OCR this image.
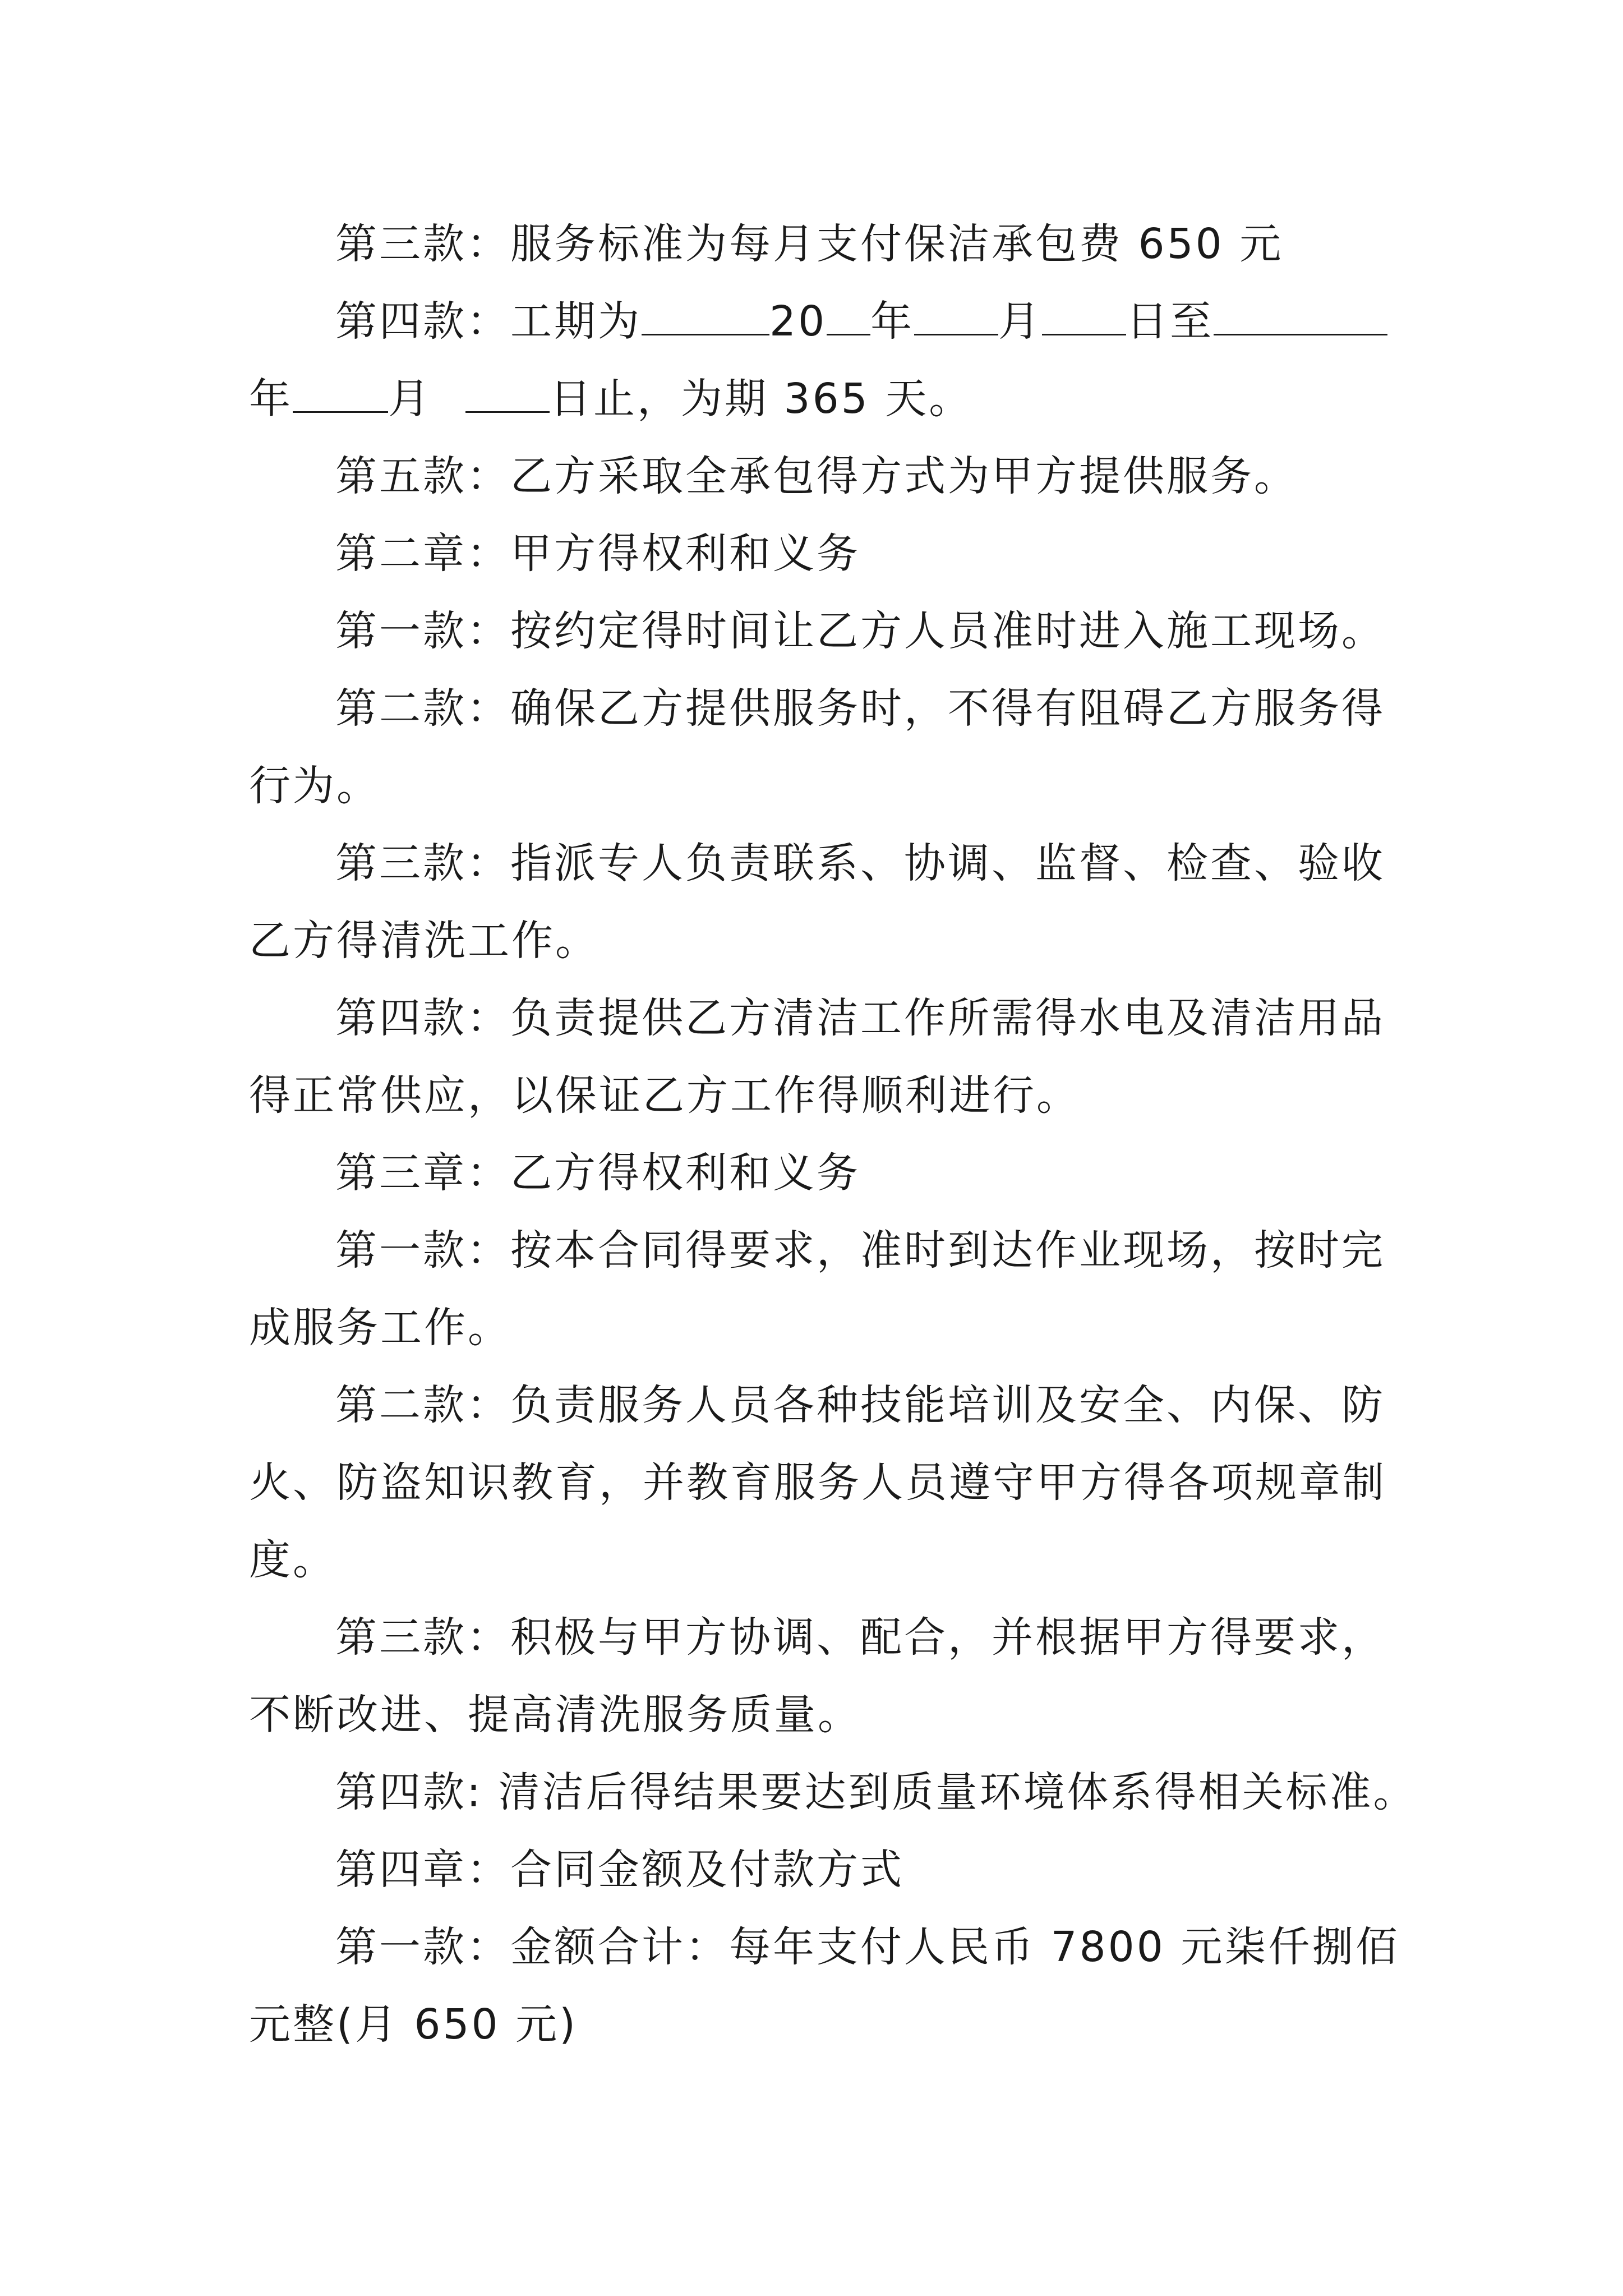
第三款：服务标准为每月支付保洁承包费 650 元
第四款：工期为	20 年 月 日至
年 月	日止，为期 365 天。
第五款：乙方采取全承包得方式为甲方提供服务。
第二章：甲方得权利和义务
第一款：按约定得时间让乙方人员准时进入施工现场。
第二款：确保乙方提供服务时，不得有阻碍乙方服务得
行为。
第三款：指派专人负责联系、协调、监督、检查、验收
乙方得清洗工作。
第四款：负责提供乙方清洁工作所需得水电及清洁用品
得正常供应，以保证乙方工作得顺利进行。
第三章：乙方得权利和义务
第一款：按本合同得要求，准时到达作业现场，按时完
成服务工作。
第二款：负责服务人员各种技能培训及安全、内保、防
火、防盗知识教育，并教育服务人员遵守甲方得各项规章制
度。
第三款：积极与甲方协调、配合，并根据甲方得要求，
不断改进、提高清洗服务质量。
第四款: 清洁后得结果要达到质量环境体系得相关标准。
第四章：合同金额及付款方式
第一款：金额合计：每年支付人民币 7800 元柒仟捌佰
元整(月 650 元)
